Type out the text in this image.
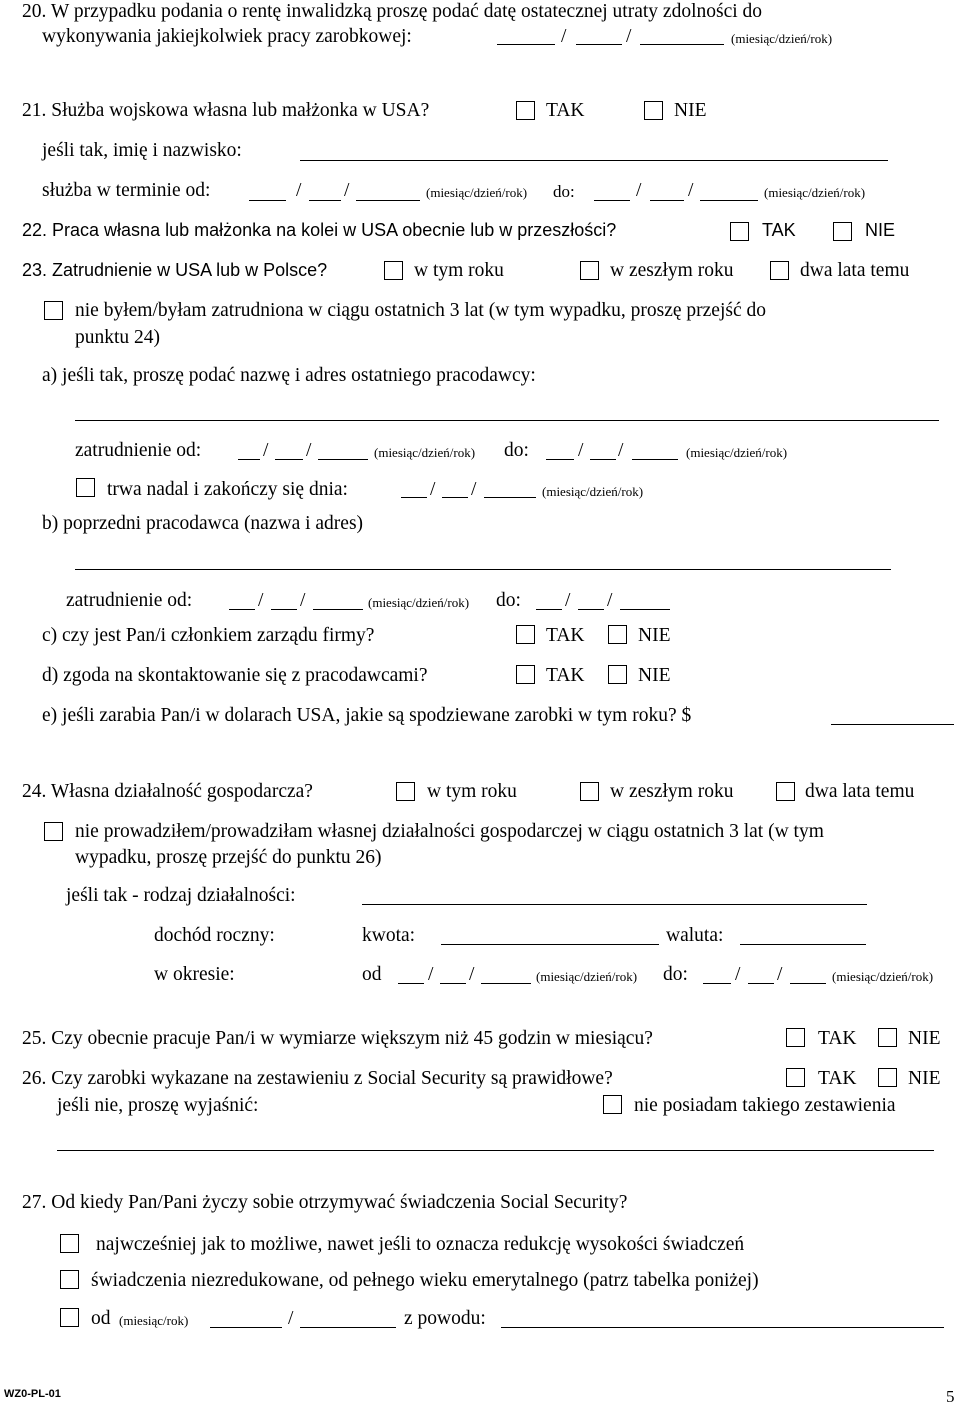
20. W przypadku podania o rentę inwalidzką proszę podać datę ostatecznej utraty zdolności do
wykonywania jakiejkolwiek pracy zarobkowej:	/	/	(miesiąc/dzień/rok)
21. Służba wojskowa własna lub małżonka w USA?	TAK	NIE
jeśli tak, imię i nazwisko:
służba w terminie od:	/ /	(miesiąc/dzień/rok) do:	/ /	(miesiąc/dzień/rok)
22. Praca własna lub małżonka na kolei w USA obecnie lub w przeszłości?	TAK	NIE
23. Zatrudnienie w USA lub w Polsce?	w tym roku	w zeszłym roku	dwa lata temu
nie byłem/byłam zatrudniona w ciągu ostatnich 3 lat (w tym wypadku, proszę przejść do
punktu 24)
a) jeśli tak, proszę podać nazwę i adres ostatniego pracodawcy:
zatrudnienie od:	/ /	(miesiąc/dzień/rok) do:	/ /	(miesiąc/dzień/rok)
trwa nadal i zakończy się dnia:	/ /	(miesiąc/dzień/rok)
b) poprzedni pracodawca (nazwa i adres)
zatrudnienie od:	/ /	(miesiąc/dzień/rok) do: / /
c) czy jest Pan/i członkiem zarządu firmy?	TAK	NIE
d) zgoda na skontaktowanie się z pracodawcami?	TAK	NIE
e) jeśli zarabia Pan/i w dolarach USA, jakie są spodziewane zarobki w tym roku? $
24. Własna działalność gospodarcza?	w tym roku	w zeszłym roku	dwa lata temu
nie prowadziłem/prowadziłam własnej działalności gospodarczej w ciągu ostatnich 3 lat (w tym
wypadku, proszę przejść do punktu 26)
jeśli tak - rodzaj działalności:
dochód roczny:	kwota:	waluta:
w okresie:	od / /	(miesiąc/dzień/rok) do: / /	(miesiąc/dzień/rok)
25. Czy obecnie pracuje Pan/i w wymiarze większym niż 45 godzin w miesiącu?	TAK	NIE
26. Czy zarobki wykazane na zestawieniu z Social Security są prawidłowe?	TAK	NIE
jeśli nie, proszę wyjaśnić:	nie posiadam takiego zestawienia
27. Od kiedy Pan/Pani życzy sobie otrzymywać świadczenia Social Security?
najwcześniej jak to możliwe, nawet jeśli to oznacza redukcję wysokości świadczeń
świadczenia niezredukowane, od pełnego wieku emerytalnego (patrz tabelka poniżej)
od (miesiąc/rok)	/	z powodu:
WZ0-PL-01	5
